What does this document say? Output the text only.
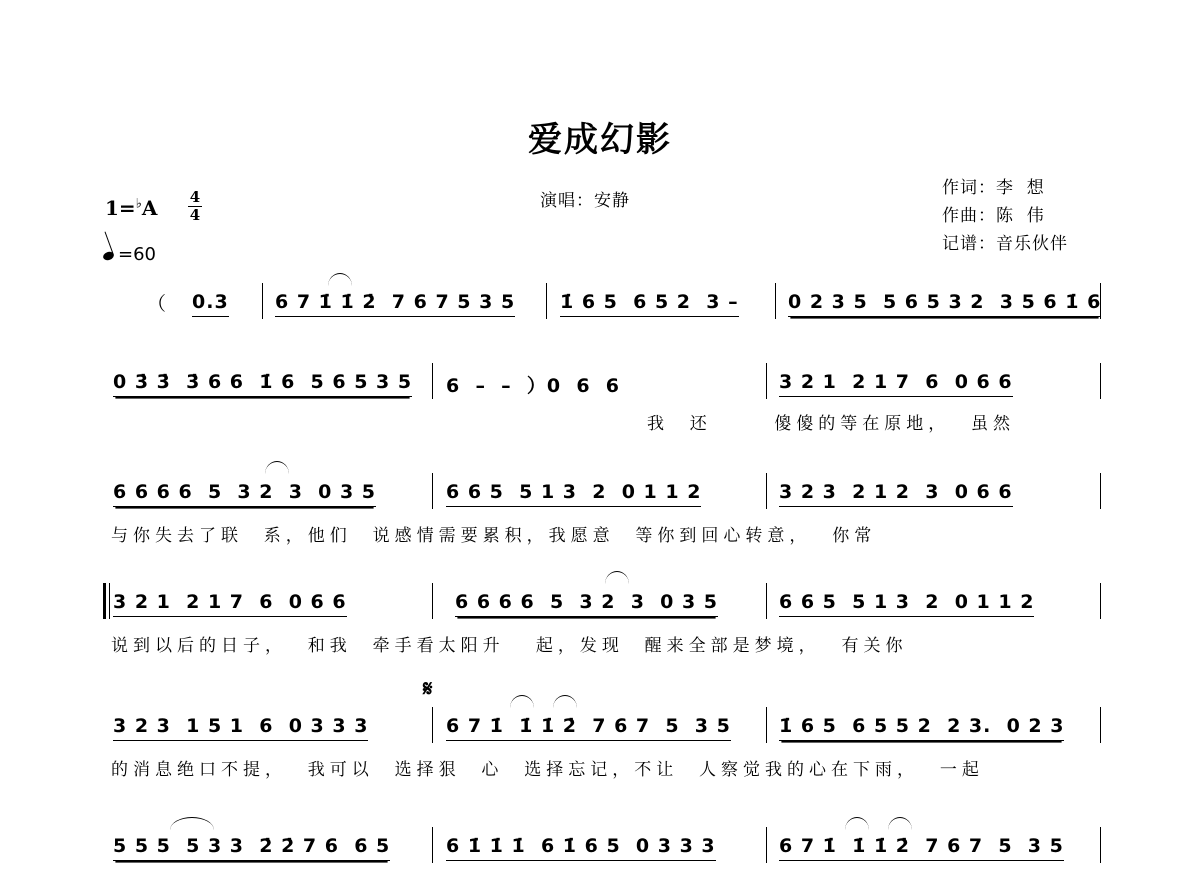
爱成幻影
1=♭A 4
4
=60
演唱：安静
作词：李  想
作曲：陈  伟
记谱：音乐伙伴
（ 0.3 6 7 1̇ 1̇ 2̇  7 6 7 5 3 5 1̇ 6 5  6 5 2  3 –	0 2 3 5  5 6 5 3 2  3 5 6 1̇ 6
0 3̇ 3̇  3̇ 6 6  1̇ 6  5 6 5 3 5 6  –  –  ）0  6  6	3 2 1  2 1 7  6  0 6 6
我  还      傻傻的等在原地，  虽然
6 6 6 6  5  3 2  3  0 3 5	6 6 5  5 1 3  2  0 1 1 2	3 2 3  2 1 2  3  0 6 6
与你失去了联  系，他们  说感情需要累积，我愿意  等你到回心转意，  你常
3 2 1  2 1 7  6  0 6 6	6 6 6 6  5  3 2  3  0 3 5	6 6 5  5 1 3  2  0 1 1 2
说到以后的日子，  和我  牵手看太阳升   起，发现  醒来全部是梦境，  有关你
𝄋
3 2 3  1 5 1  6  0 3 3 3	6 7 1̇  1̇ 1̇ 2̇  7 6 7  5  3 5	1̇ 6 5  6 5 5 2  2 3.  0 2 3
的消息绝口不提，  我可以  选择狠  心  选择忘记，不让  人察觉我的心在下雨，  一起
5 5 5  5 3 3  2̇ 2̇ 7 6  6 5	6 1̇ 1̇ 1̇  6 1̇ 6 5  0 3 3 3	6 7 1̇  1̇ 1̇ 2̇  7 6 7  5  3 5
